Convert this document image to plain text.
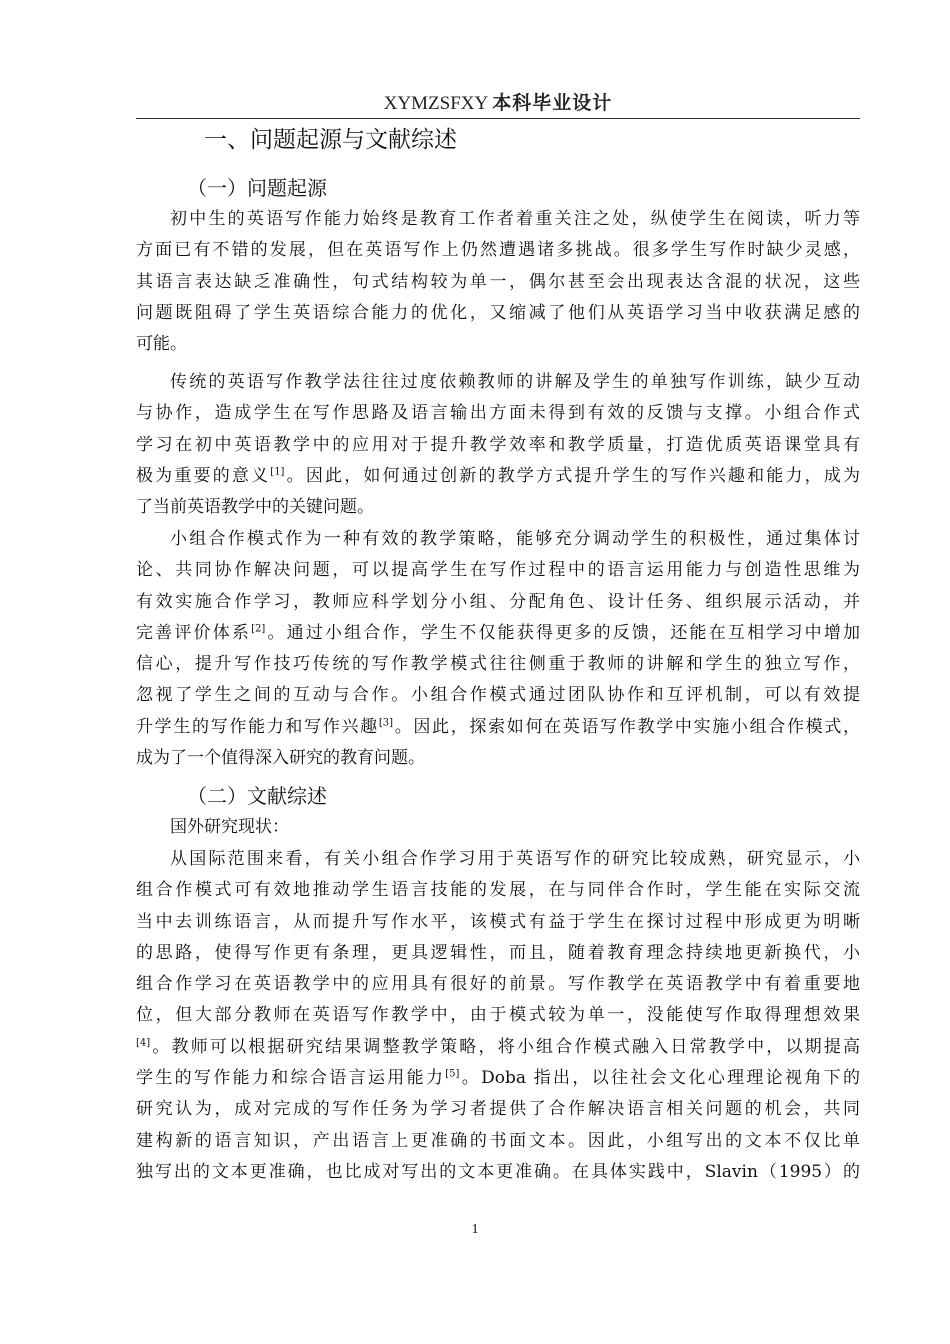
XYMZSFXY 本科毕业设计
一、问题起源与文献综述
（一）问题起源
初中生的英语写作能力始终是教育工作者着重关注之处，纵使学生在阅读，听力等
方面已有不错的发展，但在英语写作上仍然遭遇诸多挑战。很多学生写作时缺少灵感，
其语言表达缺乏准确性，句式结构较为单一，偶尔甚至会出现表达含混的状况，这些
问题既阻碍了学生英语综合能力的优化，又缩减了他们从英语学习当中收获满足感的
可能。
传统的英语写作教学法往往过度依赖教师的讲解及学生的单独写作训练，缺少互动
与协作，造成学生在写作思路及语言输出方面未得到有效的反馈与支撑。小组合作式
学习在初中英语教学中的应用对于提升教学效率和教学质量，打造优质英语课堂具有
极为重要的意义[1]。因此，如何通过创新的教学方式提升学生的写作兴趣和能力，成为
了当前英语教学中的关键问题。
小组合作模式作为一种有效的教学策略，能够充分调动学生的积极性，通过集体讨
论、共同协作解决问题，可以提高学生在写作过程中的语言运用能力与创造性思维为
有效实施合作学习，教师应科学划分小组、分配角色、设计任务、组织展示活动，并
完善评价体系[2]。通过小组合作，学生不仅能获得更多的反馈，还能在互相学习中增加
信心，提升写作技巧传统的写作教学模式往往侧重于教师的讲解和学生的独立写作，
忽视了学生之间的互动与合作。小组合作模式通过团队协作和互评机制，可以有效提
升学生的写作能力和写作兴趣[3]。因此，探索如何在英语写作教学中实施小组合作模式，
成为了一个值得深入研究的教育问题。
（二）文献综述
国外研究现状：
从国际范围来看，有关小组合作学习用于英语写作的研究比较成熟，研究显示，小
组合作模式可有效地推动学生语言技能的发展，在与同伴合作时，学生能在实际交流
当中去训练语言，从而提升写作水平，该模式有益于学生在探讨过程中形成更为明晰
的思路，使得写作更有条理，更具逻辑性，而且，随着教育理念持续地更新换代，小
组合作学习在英语教学中的应用具有很好的前景。写作教学在英语教学中有着重要地
位，但大部分教师在英语写作教学中，由于模式较为单一，没能使写作取得理想效果
[4]。教师可以根据研究结果调整教学策略，将小组合作模式融入日常教学中，以期提高
学生的写作能力和综合语言运用能力[5]。Doba 指出，以往社会文化心理理论视角下的
研究认为，成对完成的写作任务为学习者提供了合作解决语言相关问题的机会，共同
建构新的语言知识，产出语言上更准确的书面文本。因此，小组写出的文本不仅比单
独写出的文本更准确，也比成对写出的文本更准确。在具体实践中，Slavin（1995）的
1
